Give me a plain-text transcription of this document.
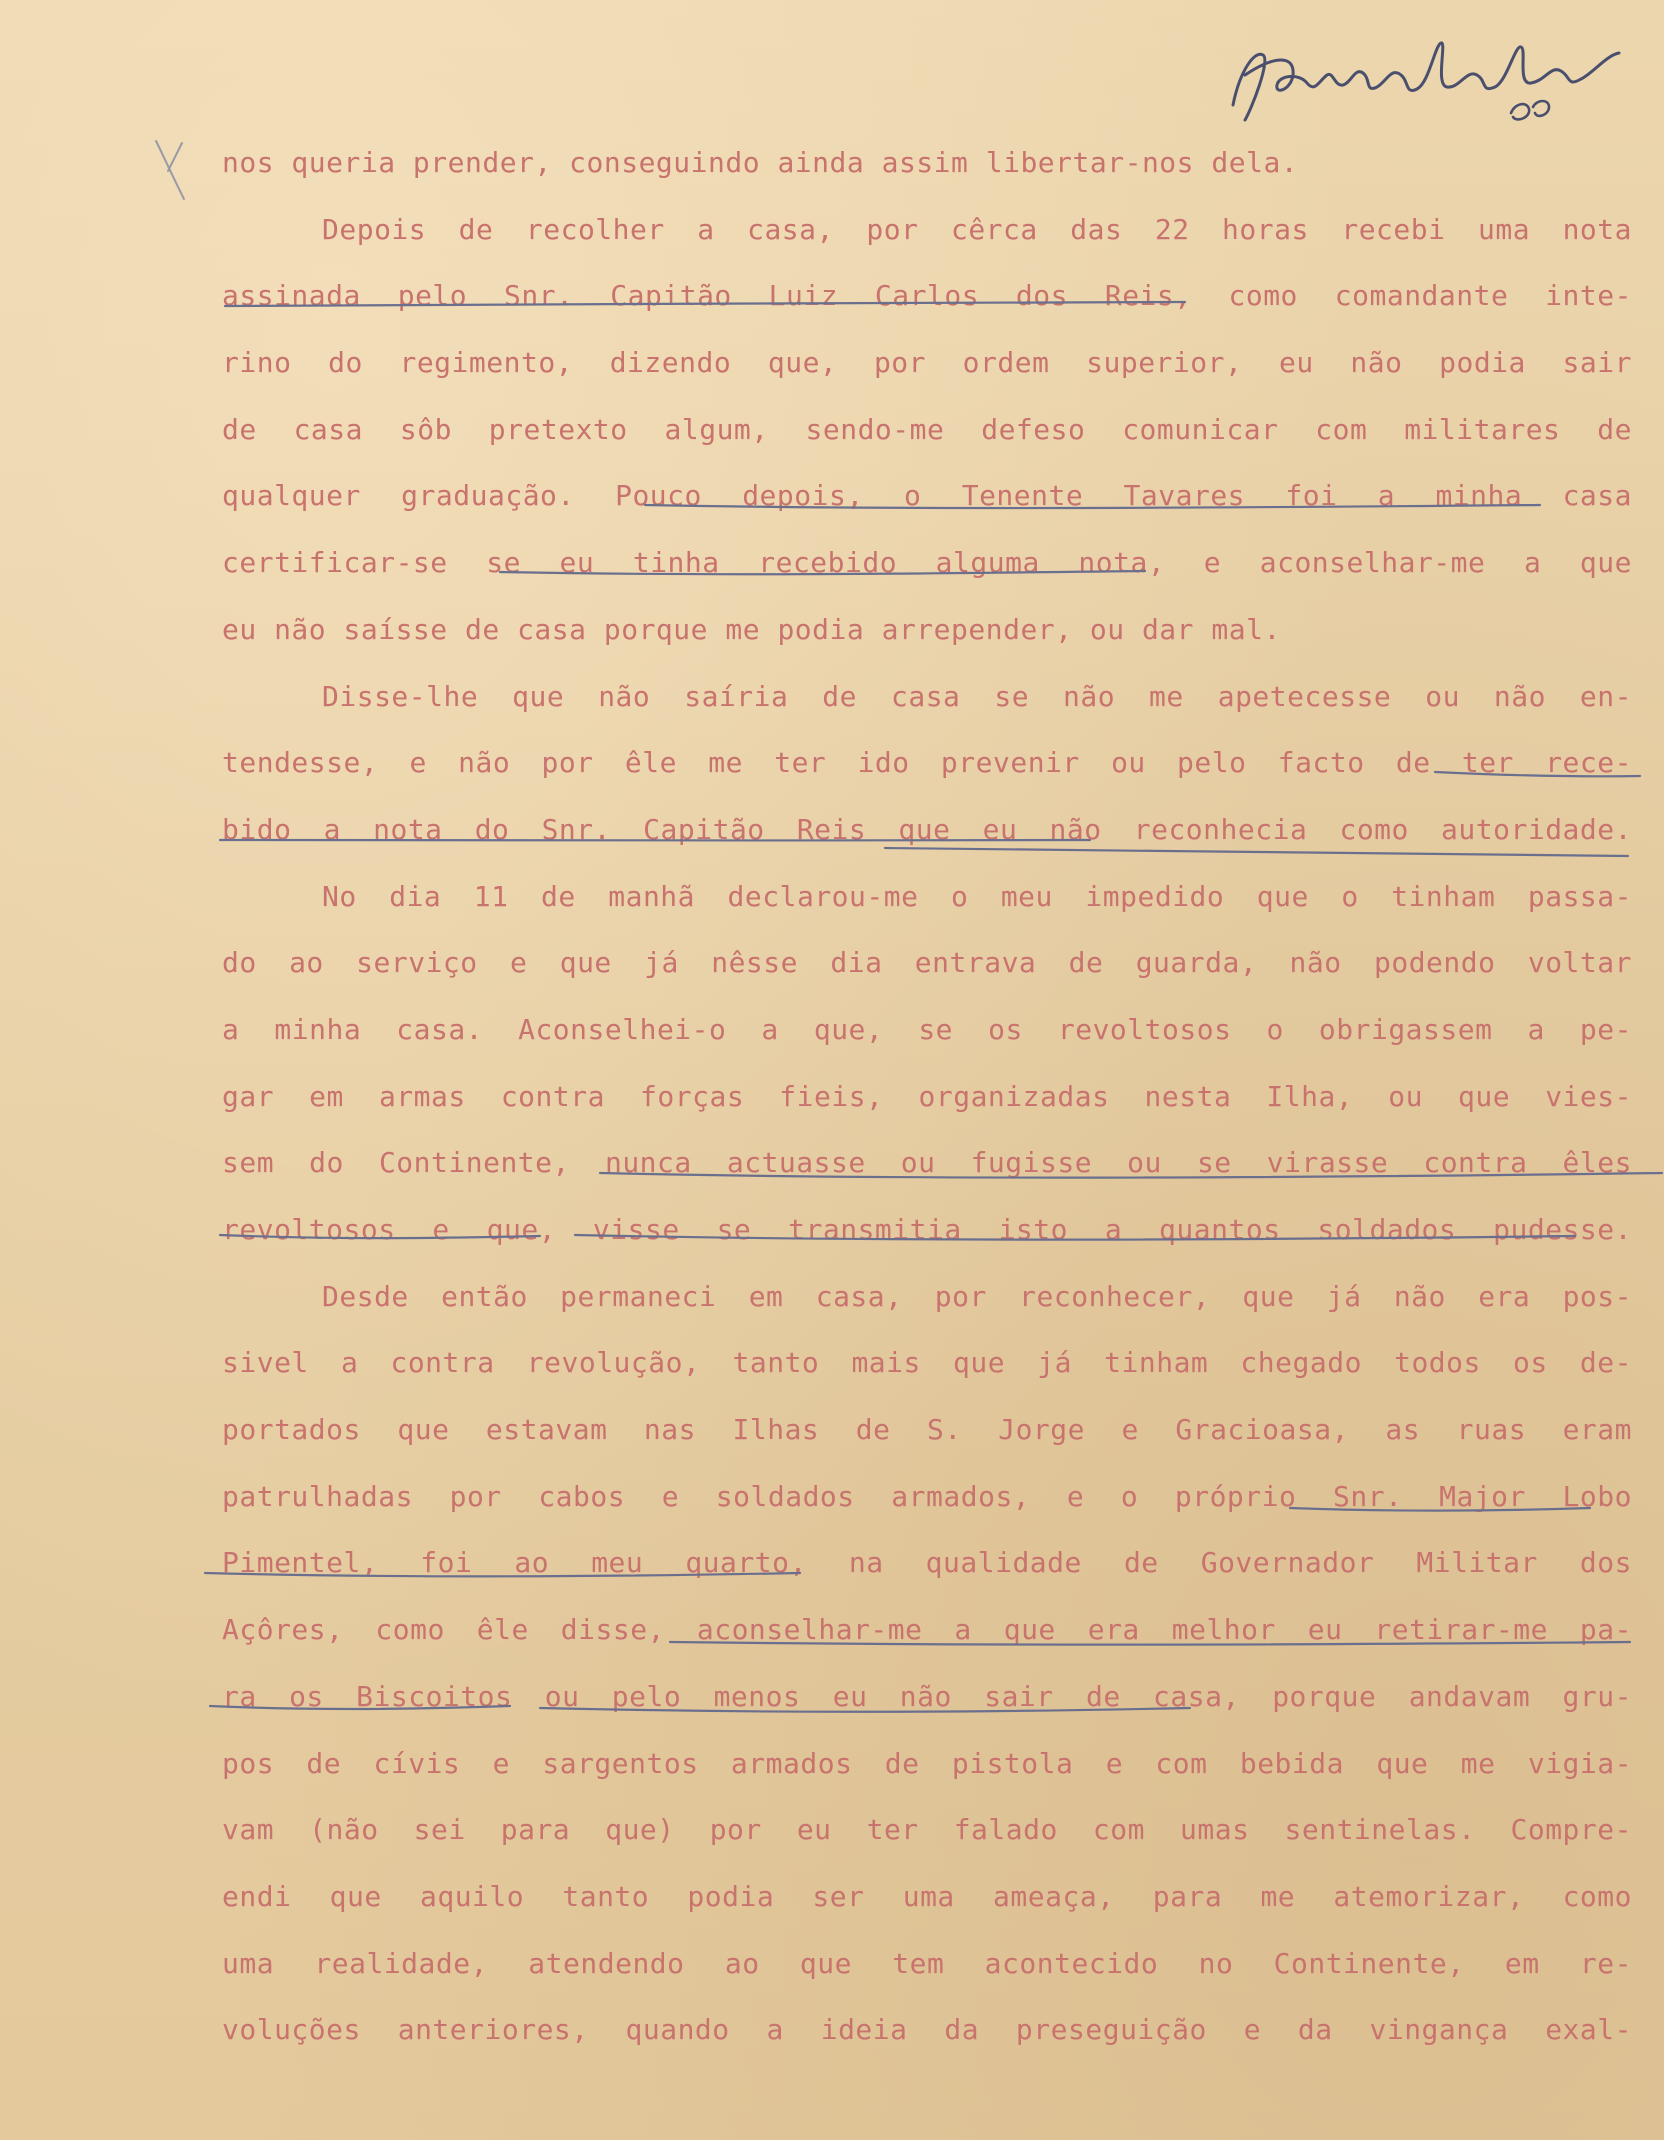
nos queria prender, conseguindo ainda assim libertar-nos dela.
Depois de recolher a casa, por cêrca das 22 horas recebi uma nota
assinada pelo Snr. Capitão Luiz Carlos dos Reis, como comandante inte-
rino do regimento, dizendo que, por ordem superior, eu não podia sair
de casa sôb pretexto algum, sendo-me defeso comunicar com militares de
qualquer graduação. Pouco depois, o Tenente Tavares foi a minha casa
certificar-se se eu tinha recebido alguma nota, e aconselhar-me a que
eu não saísse de casa porque me podia arrepender, ou dar mal.
Disse-lhe que não saíria de casa se não me apetecesse ou não en-
tendesse, e não por êle me ter ido prevenir ou pelo facto de ter rece-
bido a nota do Snr. Capitão Reis que eu não reconhecia como autoridade.
No dia 11 de manhã declarou-me o meu impedido que o tinham passa-
do ao serviço e que já nêsse dia entrava de guarda, não podendo voltar
a minha casa. Aconselhei-o a que, se os revoltosos o obrigassem a pe-
gar em armas contra forças fieis, organizadas nesta Ilha, ou que vies-
sem do Continente, nunca actuasse ou fugisse ou se virasse contra êles
revoltosos e que, visse se transmitia isto a quantos soldados pudesse.
Desde então permaneci em casa, por reconhecer, que já não era pos-
sivel a contra revolução, tanto mais que já tinham chegado todos os de-
portados que estavam nas Ilhas de S. Jorge e Gracioasa, as ruas eram
patrulhadas por cabos e soldados armados, e o próprio Snr. Major Lobo
Pimentel, foi ao meu quarto, na qualidade de Governador Militar dos
Açôres, como êle disse, aconselhar-me a que era melhor eu retirar-me pa-
ra os Biscoitos ou pelo menos eu não sair de casa, porque andavam gru-
pos de cívis e sargentos armados de pistola e com bebida que me vigia-
vam (não sei para que) por eu ter falado com umas sentinelas. Compre-
endi que aquilo tanto podia ser uma ameaça, para me atemorizar, como
uma realidade, atendendo ao que tem acontecido no Continente, em re-
voluções anteriores, quando a ideia da preseguição e da vingança exal-
